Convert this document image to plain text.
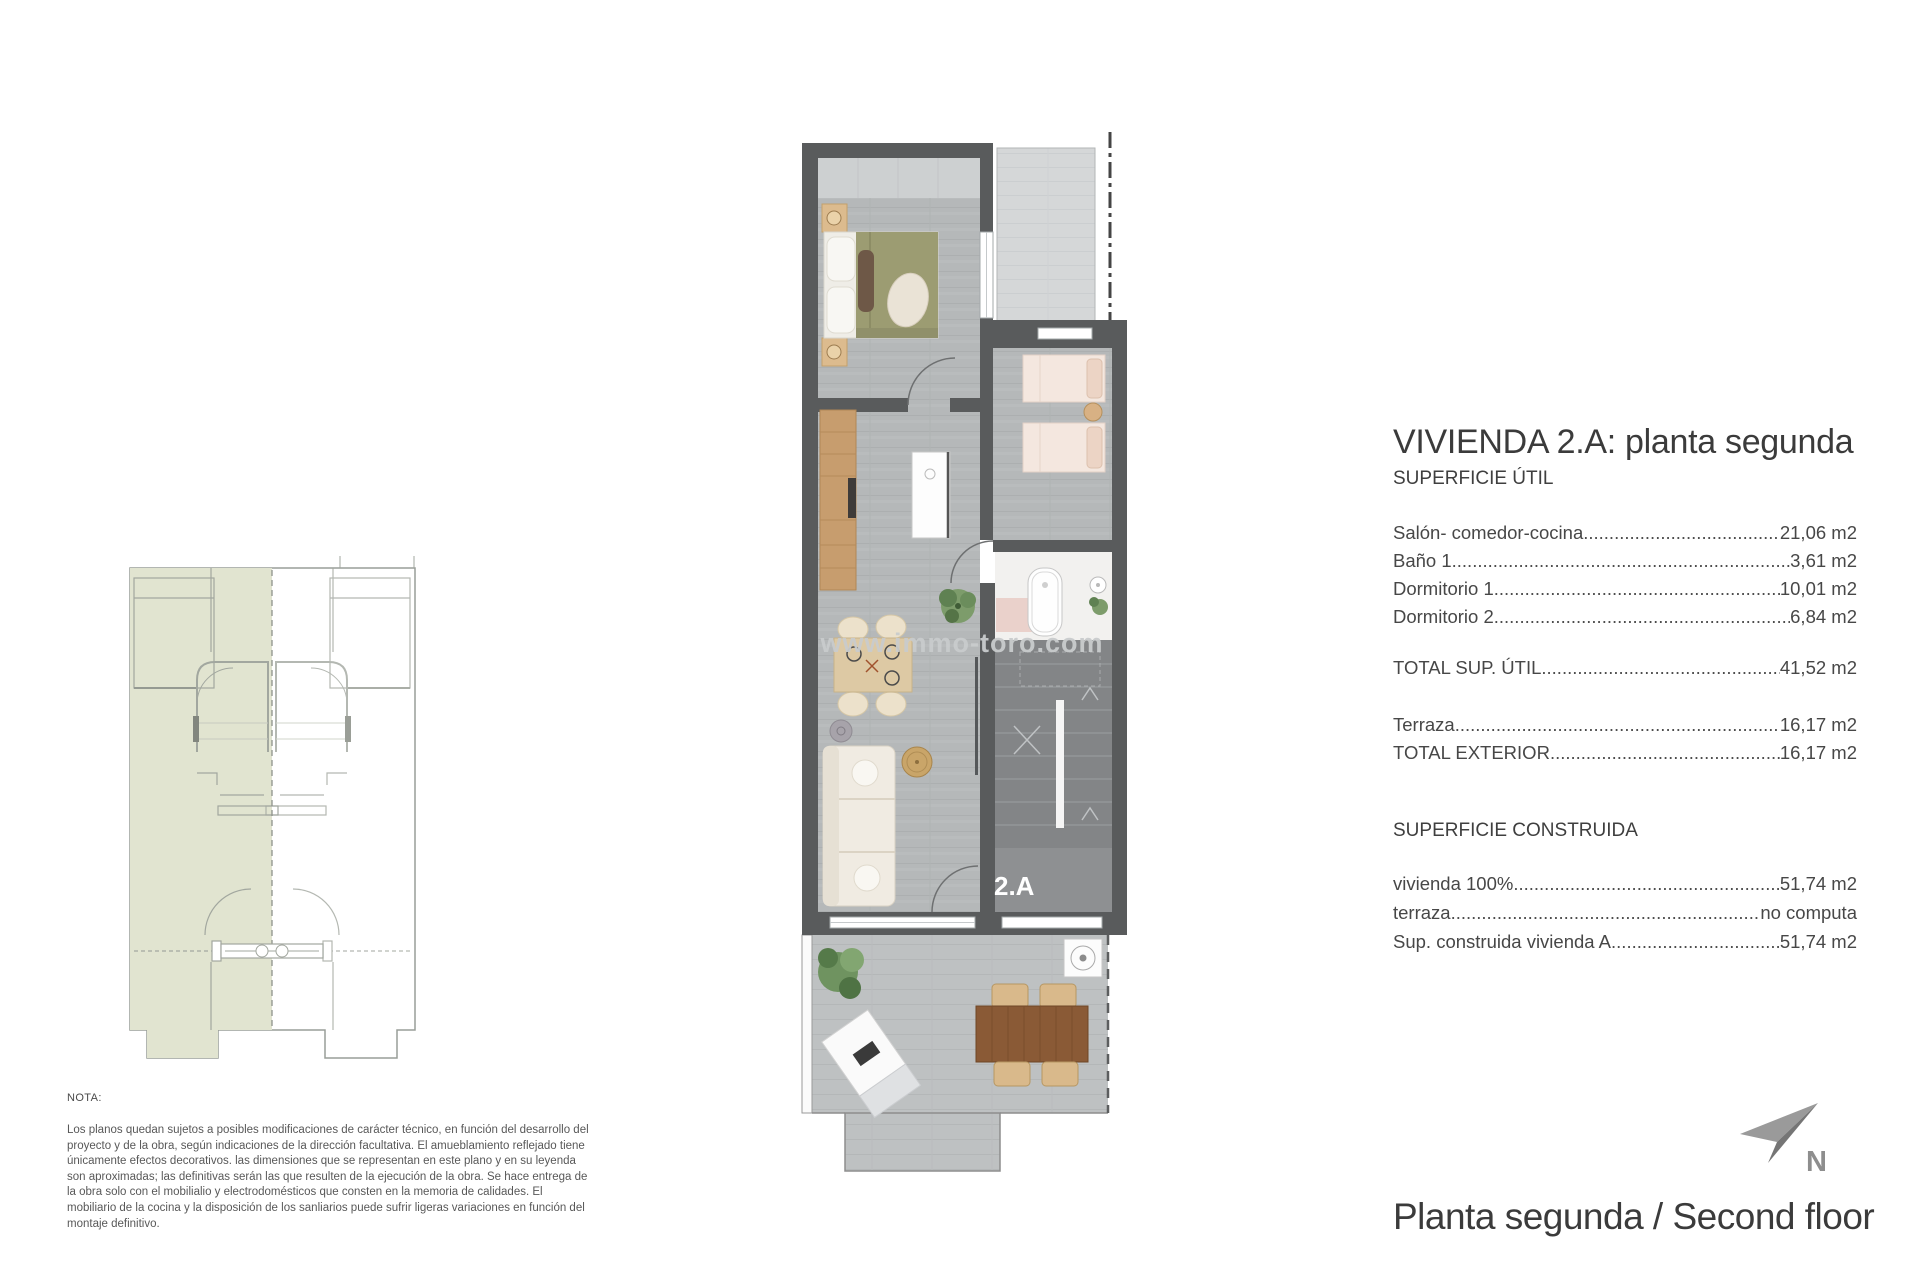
www.immo-toro.com
2.A
VIVIENDA 2.A: planta segunda
SUPERFICIE ÚTIL
Salón- comedor-cocina .....	21,06 m2
Baño 1 .....	3,61 m2
Dormitorio 1 .....	10,01 m2
Dormitorio 2 .....	6,84 m2
TOTAL SUP. ÚTIL .....	41,52 m2
Terraza .....	16,17 m2
TOTAL EXTERIOR .....	16,17 m2
SUPERFICIE CONSTRUIDA
vivienda 100% .....	51,74 m2
terraza .....	no computa
Sup. construida vivienda A .....	51,74 m2
NOTA:
Los planos quedan sujetos a posibles modificaciones de carácter técnico, en función del desarrollo del proyecto y de la obra, según indicaciones de la dirección facultativa. El amueblamiento reflejado tiene únicamente efectos decorativos. las dimensiones que se representan en este plano y en su leyenda son aproximadas; las definitivas serán las que resulten de la ejecución de la obra. Se hace entrega de la obra solo con el mobilialio y electrodomésticos que consten en la memoria de calidades. El mobiliario de la cocina y la disposición de los sanliarios puede sufrir ligeras variaciones en función del montaje definitivo.
N
Planta segunda / Second floor
